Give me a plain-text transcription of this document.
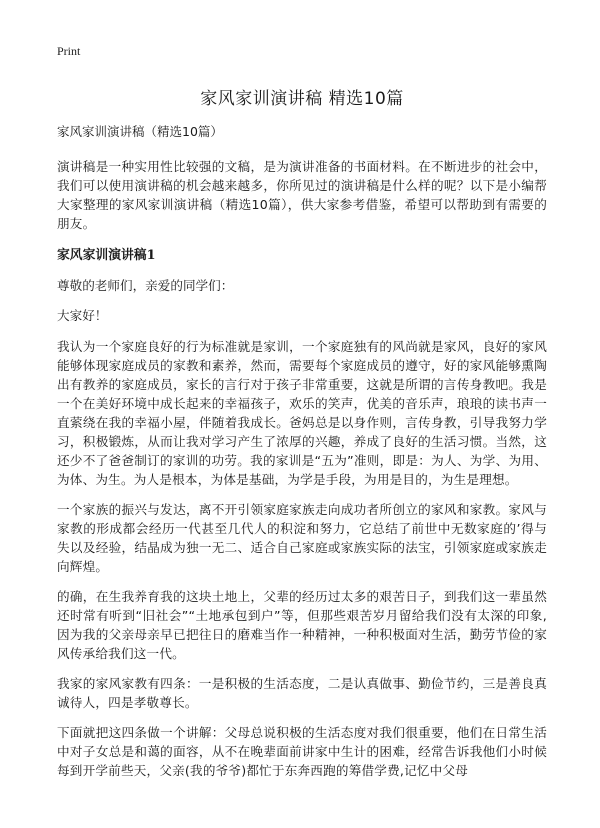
Print
家风家训演讲稿 精选10篇
家风家训演讲稿（精选10篇）

演讲稿是一种实用性比较强的文稿，是为演讲准备的书面材料。在不断进步的社会中，我们可以使用演讲稿的机会越来越多，你所见过的演讲稿是什么样的呢？以下是小编帮大家整理的家风家训演讲稿（精选10篇），供大家参考借鉴，希望可以帮助到有需要的朋友。

家风家训演讲稿1

尊敬的老师们，亲爱的同学们：

大家好！

我认为一个家庭良好的行为标准就是家训，一个家庭独有的风尚就是家风，良好的家风能够体现家庭成员的家教和素养，然而，需要每个家庭成员的遵守，好的家风能够熏陶出有教养的家庭成员，家长的言行对于孩子非常重要，这就是所谓的言传身教吧。我是一个在美好环境中成长起来的幸福孩子，欢乐的笑声，优美的音乐声，琅琅的读书声一直萦绕在我的幸福小屋，伴随着我成长。爸妈总是以身作则，言传身教，引导我努力学习，积极锻炼，从而让我对学习产生了浓厚的兴趣，养成了良好的生活习惯。当然，这还少不了爸爸制订的家训的功劳。我的家训是“五为”准则，即是：为人、为学、为用、为体、为生。为人是根本，为体是基础，为学是手段，为用是目的，为生是理想。

一个家族的振兴与发达，离不开引领家庭家族走向成功者所创立的家风和家教。家风与家教的形成都会经历一代甚至几代人的积淀和努力，它总结了前世中无数家庭的’得与失以及经验，结晶成为独一无二、适合自己家庭或家族实际的法宝，引领家庭或家族走向辉煌。

的确，在生我养育我的这块土地上，父辈的经历过太多的艰苦日子，到我们这一辈虽然还时常有听到“旧社会”“土地承包到户”等，但那些艰苦岁月留给我们没有太深的印象,因为我的父亲母亲早已把往日的磨难当作一种精神，一种积极面对生活，勤劳节俭的家风传承给我们这一代。

我家的家风家教有四条：一是积极的生活态度，二是认真做事、勤俭节约，三是善良真诚待人，四是孝敬尊长。

下面就把这四条做一个讲解：父母总说积极的生活态度对我们很重要，他们在日常生活中对子女总是和蔼的面容，从不在晚辈面前讲家中生计的困难，经常告诉我他们小时候每到开学前些天，父亲(我的爷爷)都忙于东奔西跑的筹借学费,记忆中父母
